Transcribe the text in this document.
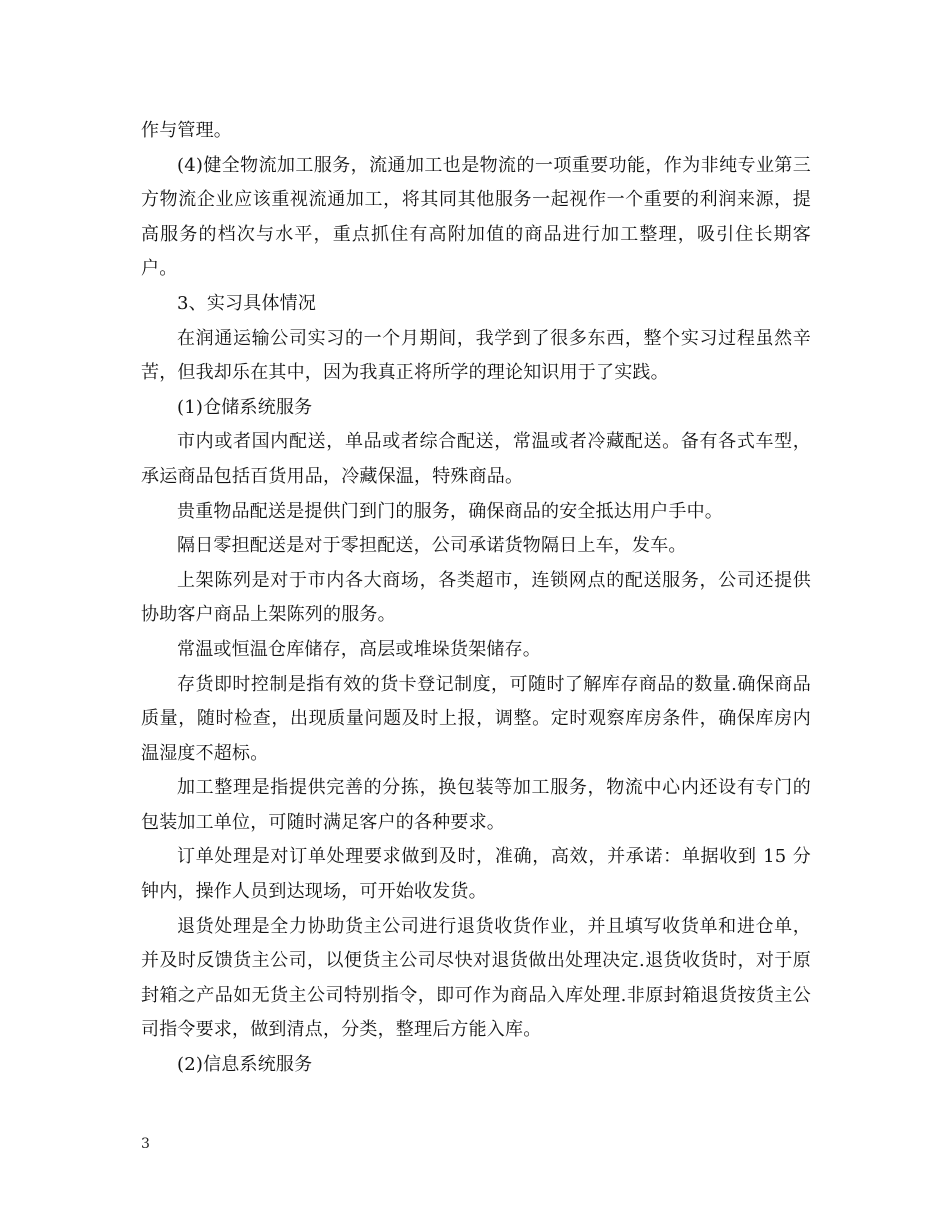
作与管理。

(4)健全物流加工服务，流通加工也是物流的一项重要功能，作为非纯专业第三方物流企业应该重视流通加工，将其同其他服务一起视作一个重要的利润来源，提高服务的档次与水平，重点抓住有高附加值的商品进行加工整理，吸引住长期客户。

3、实习具体情况

在润通运输公司实习的一个月期间，我学到了很多东西，整个实习过程虽然辛苦，但我却乐在其中，因为我真正将所学的理论知识用于了实践。

(1)仓储系统服务

市内或者国内配送，单品或者综合配送，常温或者冷藏配送。备有各式车型，承运商品包括百货用品，冷藏保温，特殊商品。

贵重物品配送是提供门到门的服务，确保商品的安全抵达用户手中。

隔日零担配送是对于零担配送，公司承诺货物隔日上车，发车。

上架陈列是对于市内各大商场，各类超市，连锁网点的配送服务，公司还提供协助客户商品上架陈列的服务。

常温或恒温仓库储存，高层或堆垛货架储存。

存货即时控制是指有效的货卡登记制度，可随时了解库存商品的数量.确保商品质量，随时检查，出现质量问题及时上报，调整。定时观察库房条件，确保库房内温湿度不超标。

加工整理是指提供完善的分拣，换包装等加工服务，物流中心内还设有专门的包装加工单位，可随时满足客户的各种要求。

订单处理是对订单处理要求做到及时，准确，高效，并承诺：单据收到 15 分钟内，操作人员到达现场，可开始收发货。

退货处理是全力协助货主公司进行退货收货作业，并且填写收货单和进仓单，并及时反馈货主公司，以便货主公司尽快对退货做出处理决定.退货收货时，对于原封箱之产品如无货主公司特别指令，即可作为商品入库处理.非原封箱退货按货主公司指令要求，做到清点，分类，整理后方能入库。

(2)信息系统服务

3
